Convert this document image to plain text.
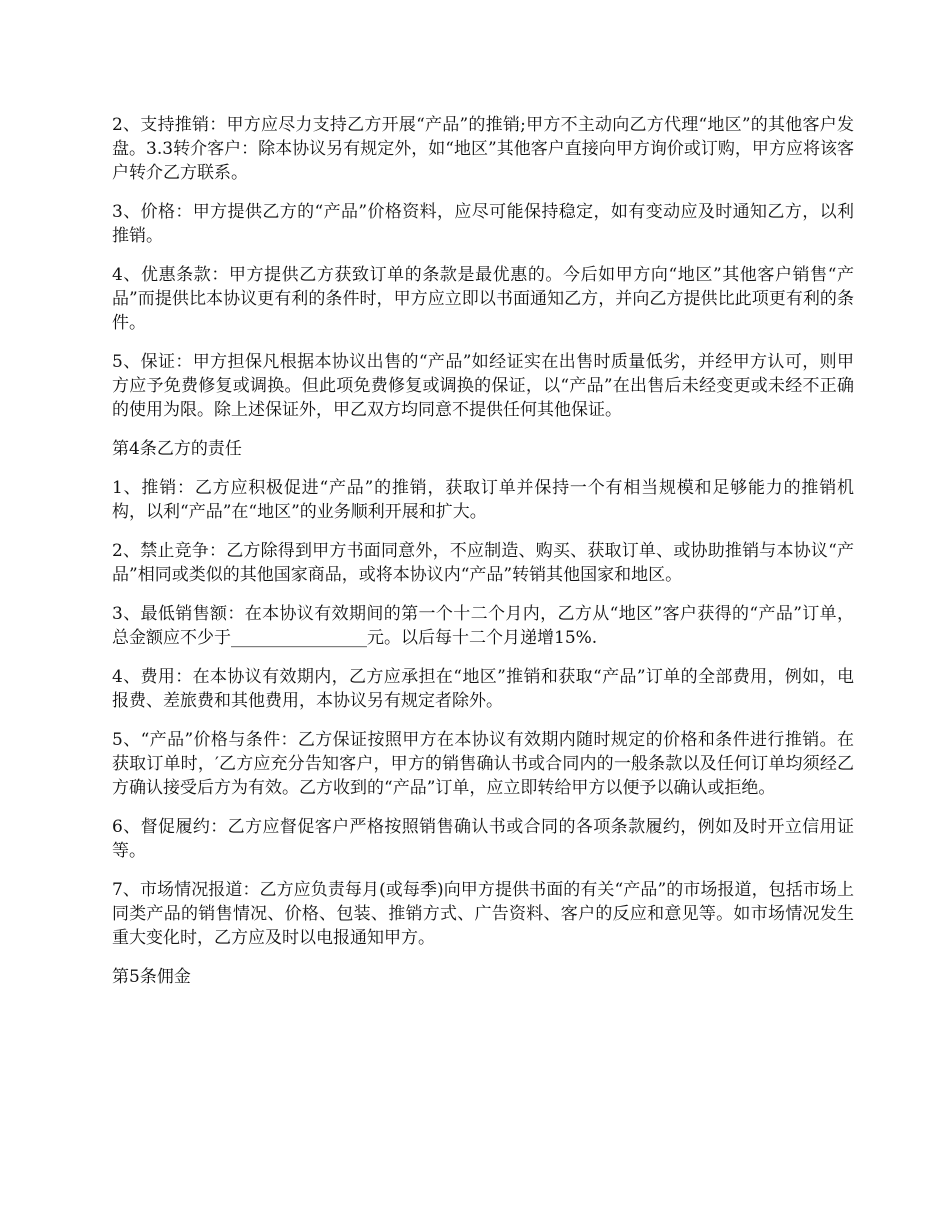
2、支持推销：甲方应尽力支持乙方开展“产品”的推销;甲方不主动向乙方代理“地区”的其他客户发盘。3.3转介客户：除本协议另有规定外，如“地区”其他客户直接向甲方询价或订购，甲方应将该客户转介乙方联系。

3、价格：甲方提供乙方的“产品”价格资料，应尽可能保持稳定，如有变动应及时通知乙方，以利推销。

4、优惠条款：甲方提供乙方获致订单的条款是最优惠的。今后如甲方向“地区”其他客户销售“产品”而提供比本协议更有利的条件时，甲方应立即以书面通知乙方，并向乙方提供比此项更有利的条件。

5、保证：甲方担保凡根据本协议出售的“产品”如经证实在出售时质量低劣，并经甲方认可，则甲方应予免费修复或调换。但此项免费修复或调换的保证，以“产品”在出售后未经变更或未经不正确的使用为限。除上述保证外，甲乙双方均同意不提供任何其他保证。

第4条乙方的责任

1、推销：乙方应积极促进“产品”的推销，获取订单并保持一个有相当规模和足够能力的推销机构，以利“产品”在“地区”的业务顺利开展和扩大。

2、禁止竞争：乙方除得到甲方书面同意外，不应制造、购买、获取订单、或协助推销与本协议“产品”相同或类似的其他国家商品，或将本协议内“产品”转销其他国家和地区。

3、最低销售额：在本协议有效期间的第一个十二个月内，乙方从“地区”客户获得的“产品”订单，总金额应不少于________________元。以后每十二个月递增15%.

4、费用：在本协议有效期内，乙方应承担在“地区”推销和获取“产品”订单的全部费用，例如，电报费、差旅费和其他费用，本协议另有规定者除外。

5、“产品”价格与条件：乙方保证按照甲方在本协议有效期内随时规定的价格和条件进行推销。在获取订单时，′乙方应充分告知客户，甲方的销售确认书或合同内的一般条款以及任何订单均须经乙方确认接受后方为有效。乙方收到的“产品”订单，应立即转给甲方以便予以确认或拒绝。

6、督促履约：乙方应督促客户严格按照销售确认书或合同的各项条款履约，例如及时开立信用证等。

7、市场情况报道：乙方应负责每月(或每季)向甲方提供书面的有关“产品”的市场报道，包括市场上同类产品的销售情况、价格、包装、推销方式、广告资料、客户的反应和意见等。如市场情况发生重大变化时，乙方应及时以电报通知甲方。

第5条佣金
